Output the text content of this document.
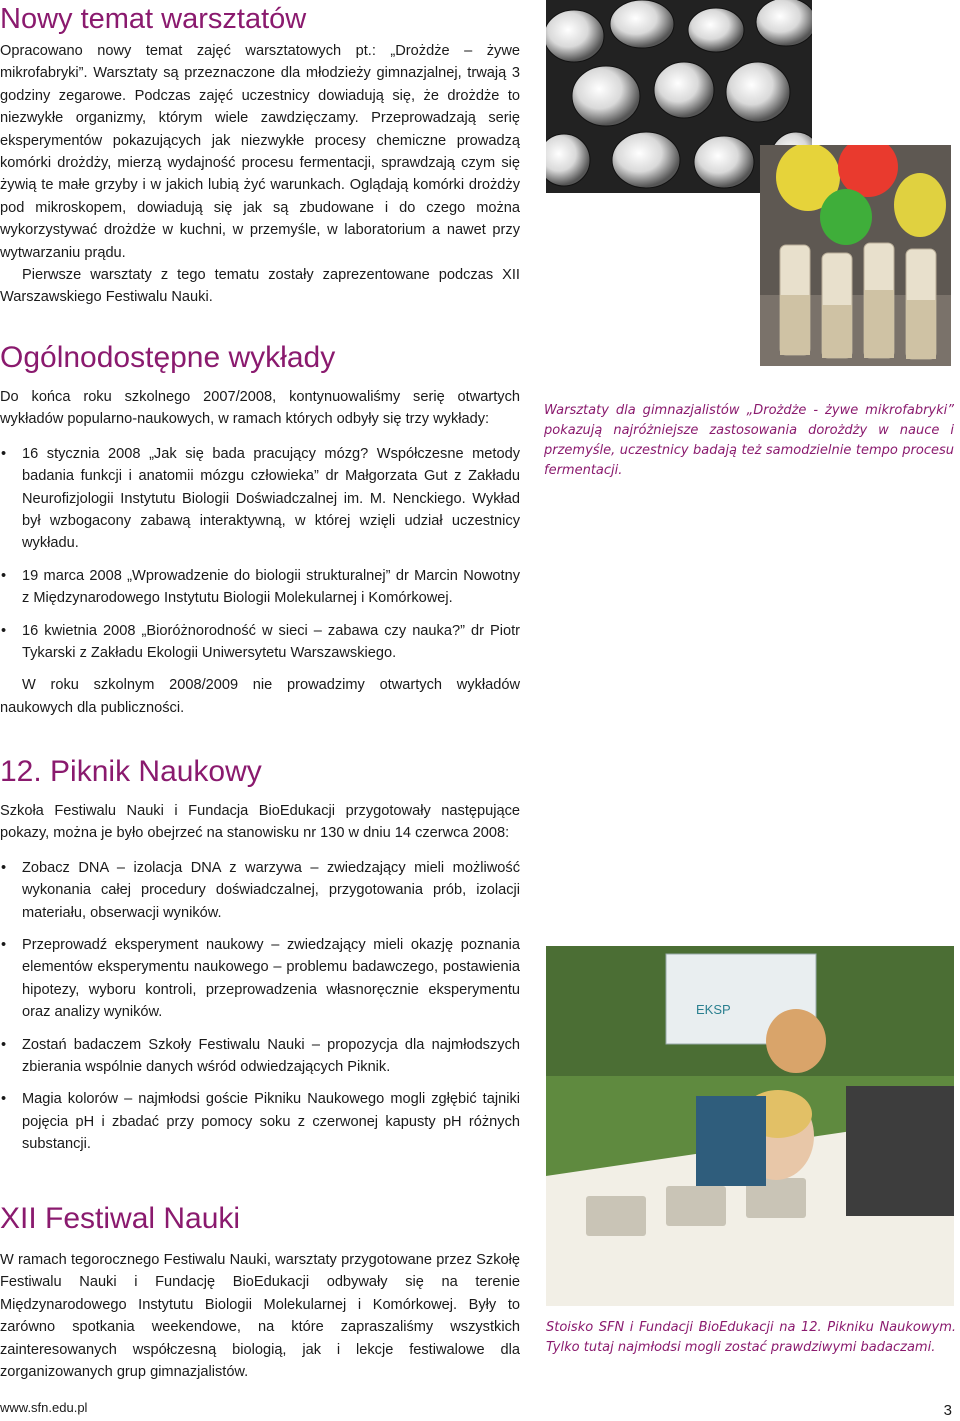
Nowy temat warsztatów

Opracowano nowy temat zajęć warsztatowych pt.: „Drożdże – żywe mikrofabryki”. Warsztaty są przeznaczone dla młodzieży gimnazjalnej, trwają 3 godziny zegarowe. Podczas zajęć uczestnicy dowiadują się, że drożdże to niezwykłe organizmy, którym wiele zawdzięczamy. Przeprowadzają serię eksperymentów pokazujących jak niezwykłe procesy chemiczne prowadzą komórki drożdży, mierzą wydajność procesu fermentacji, sprawdzają czym się żywią te małe grzyby i w jakich lubią żyć warunkach. Oglądają komórki drożdży pod mikroskopem, dowiadują się jak są zbudowane i do czego można wykorzystywać drożdże w kuchni, w przemyśle, w laboratorium a nawet przy wytwarzaniu prądu.

Pierwsze warsztaty z tego tematu zostały zaprezentowane podczas XII Warszawskiego Festiwalu Nauki.

Ogólnodostępne wykłady

Do końca roku szkolnego 2007/2008, kontynuowaliśmy serię otwartych wykładów popularno-naukowych, w ramach których odbyły się trzy wykłady:

• 16 stycznia 2008 „Jak się bada pracujący mózg? Współczesne metody badania funkcji i anatomii mózgu człowieka” dr Małgorzata Gut z Zakładu Neurofizjologii Instytutu Biologii Doświadczalnej im. M. Nenckiego. Wykład był wzbogacony zabawą interaktywną, w której wzięli udział uczestnicy wykładu.
• 19 marca 2008 „Wprowadzenie do biologii strukturalnej” dr Marcin Nowotny z Międzynarodowego Instytutu Biologii Molekularnej i Komórkowej.
• 16 kwietnia 2008 „Bioróżnorodność w sieci – zabawa czy nauka?” dr Piotr Tykarski z Zakładu Ekologii Uniwersytetu Warszawskiego.

W roku szkolnym 2008/2009 nie prowadzimy otwartych wykładów naukowych dla publiczności.

12. Piknik Naukowy

Szkoła Festiwalu Nauki i Fundacja BioEdukacji przygotowały następujące pokazy, można je było obejrzeć na stanowisku nr 130 w dniu 14 czerwca 2008:

• Zobacz DNA – izolacja DNA z warzywa – zwiedzający mieli możliwość wykonania całej procedury doświadczalnej, przygotowania prób, izolacji materiału, obserwacji wyników.
• Przeprowadź eksperyment naukowy – zwiedzający mieli okazję poznania elementów eksperymentu naukowego – problemu badawczego, postawienia hipotezy, wyboru kontroli, przeprowadzenia własnoręcznie eksperymentu oraz analizy wyników.
• Zostań badaczem Szkoły Festiwalu Nauki – propozycja dla najmłodszych zbierania wspólnie danych wśród odwiedzających Piknik.
• Magia kolorów – najmłodsi goście Pikniku Naukowego mogli zgłębić tajniki pojęcia pH i zbadać przy pomocy soku z czerwonej kapusty pH różnych substancji.
XII Festiwal Nauki

W ramach tegorocznego Festiwalu Nauki, warsztaty przygotowane przez Szkołę Festiwalu Nauki i Fundację BioEdukacji odbywały się na terenie Międzynarodowego Instytutu Biologii Molekularnej i Komórkowej. Były to zarówno spotkania weekendowe, na które zapraszaliśmy wszystkich zainteresowanych współczesną biologią, jak i lekcje festiwalowe dla zorganizowanych grup gimnazjalistów.

Warsztaty dla gimnazjalistów „Drożdże - żywe mikrofabryki” pokazują najróżniejsze zastosowania dorożdży w nauce i przemyśle, uczestnicy badają też samodzielnie tempo procesu fermentacji.

EKSP

Stoisko SFN i Fundacji BioEdukacji na 12. Pikniku Naukowym. Tylko tutaj najmłodsi mogli zostać prawdziwymi badaczami.

www.sfn.edu.pl	3
